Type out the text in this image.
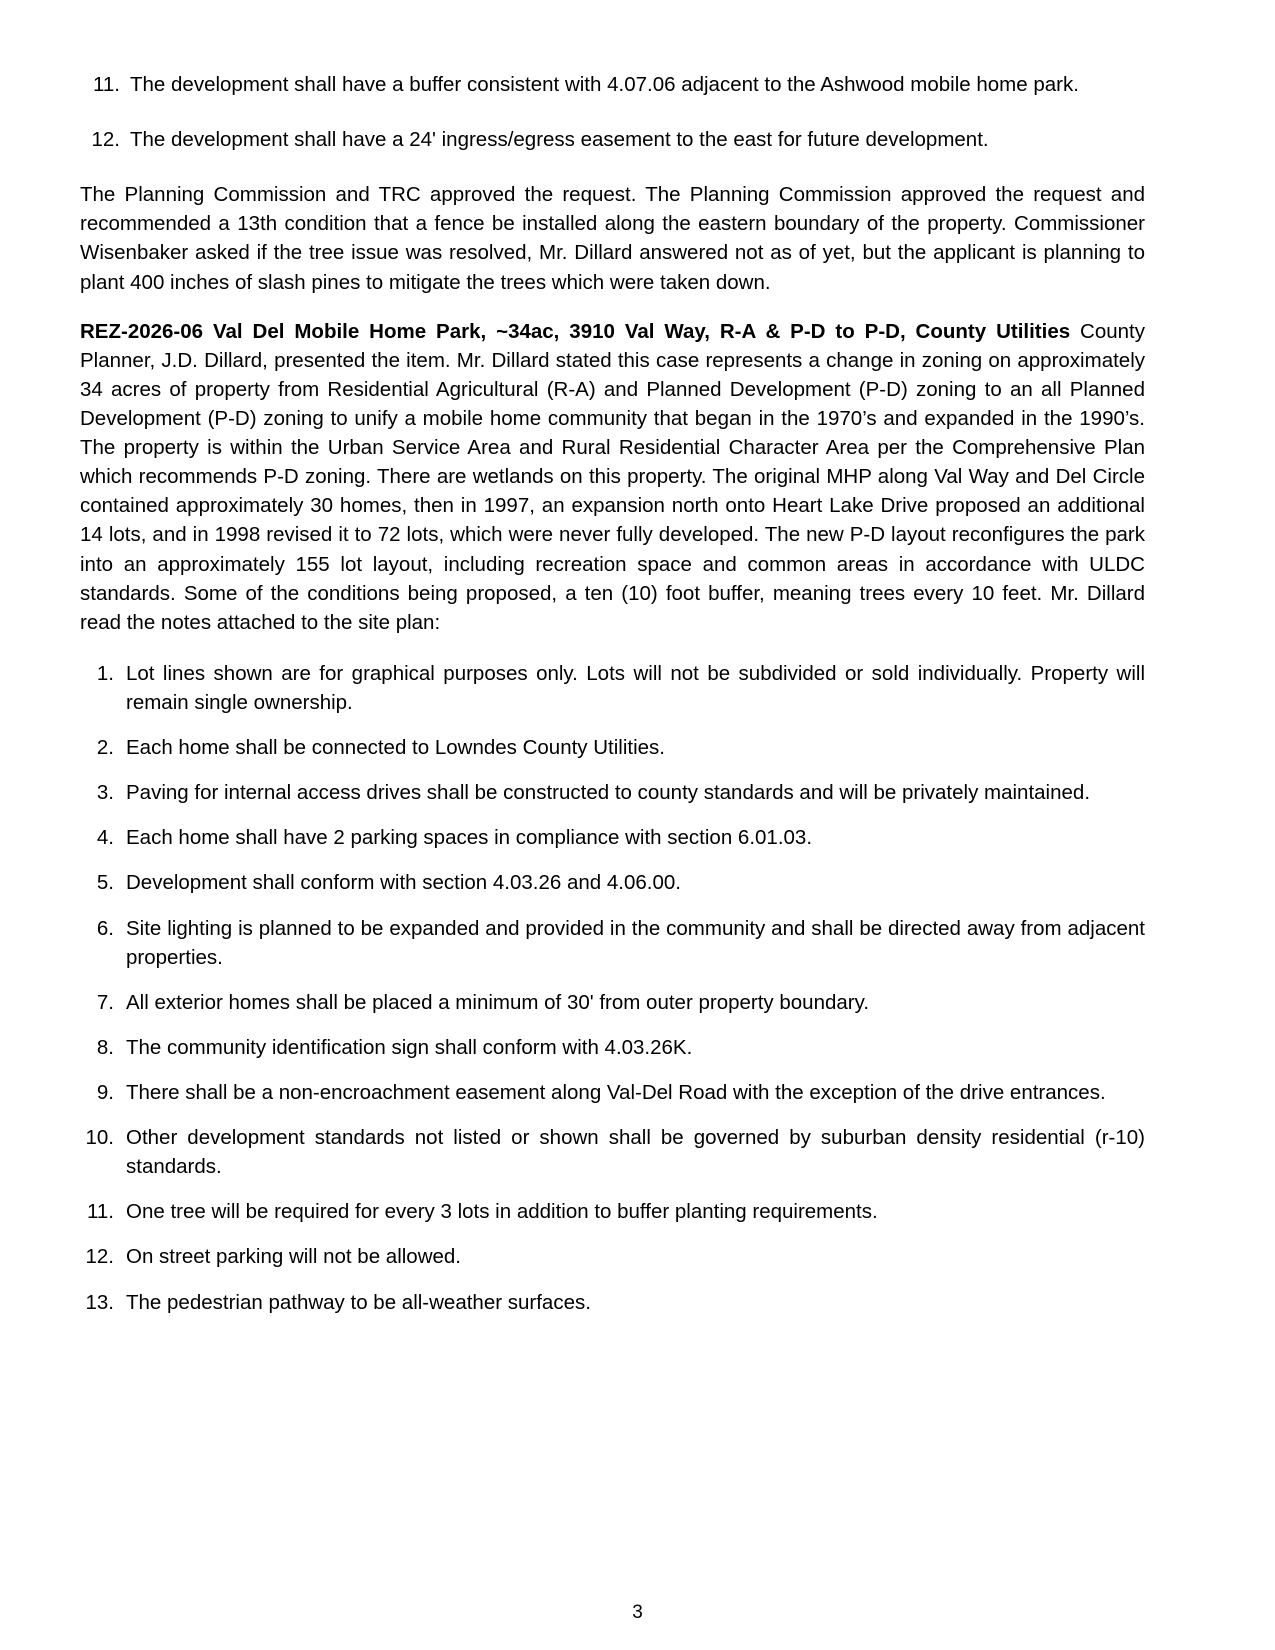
11. The development shall have a buffer consistent with 4.07.06 adjacent to the Ashwood mobile home park.
12. The development shall have a 24' ingress/egress easement to the east for future development.

The Planning Commission and TRC approved the request. The Planning Commission approved the request and recommended a 13th condition that a fence be installed along the eastern boundary of the property. Commissioner Wisenbaker asked if the tree issue was resolved, Mr. Dillard answered not as of yet, but the applicant is planning to plant 400 inches of slash pines to mitigate the trees which were taken down.

REZ-2026-06 Val Del Mobile Home Park, ~34ac, 3910 Val Way, R-A & P-D to P-D, County Utilities County Planner, J.D. Dillard, presented the item. Mr. Dillard stated this case represents a change in zoning on approximately 34 acres of property from Residential Agricultural (R-A) and Planned Development (P-D) zoning to an all Planned Development (P-D) zoning to unify a mobile home community that began in the 1970’s and expanded in the 1990’s. The property is within the Urban Service Area and Rural Residential Character Area per the Comprehensive Plan which recommends P-D zoning. There are wetlands on this property. The original MHP along Val Way and Del Circle contained approximately 30 homes, then in 1997, an expansion north onto Heart Lake Drive proposed an additional 14 lots, and in 1998 revised it to 72 lots, which were never fully developed. The new P-D layout reconfigures the park into an approximately 155 lot layout, including recreation space and common areas in accordance with ULDC standards. Some of the conditions being proposed, a ten (10) foot buffer, meaning trees every 10 feet. Mr. Dillard read the notes attached to the site plan:
1. Lot lines shown are for graphical purposes only. Lots will not be subdivided or sold individually. Property will remain single ownership.
2. Each home shall be connected to Lowndes County Utilities.
3. Paving for internal access drives shall be constructed to county standards and will be privately maintained.
4. Each home shall have 2 parking spaces in compliance with section 6.01.03.
5. Development shall conform with section 4.03.26 and 4.06.00.
6. Site lighting is planned to be expanded and provided in the community and shall be directed away from adjacent properties.
7. All exterior homes shall be placed a minimum of 30' from outer property boundary.
8. The community identification sign shall conform with 4.03.26K.
9. There shall be a non-encroachment easement along Val-Del Road with the exception of the drive entrances.
10. Other development standards not listed or shown shall be governed by suburban density residential (r-10) standards.
11. One tree will be required for every 3 lots in addition to buffer planting requirements.
12. On street parking will not be allowed.
13. The pedestrian pathway to be all-weather surfaces.
3
